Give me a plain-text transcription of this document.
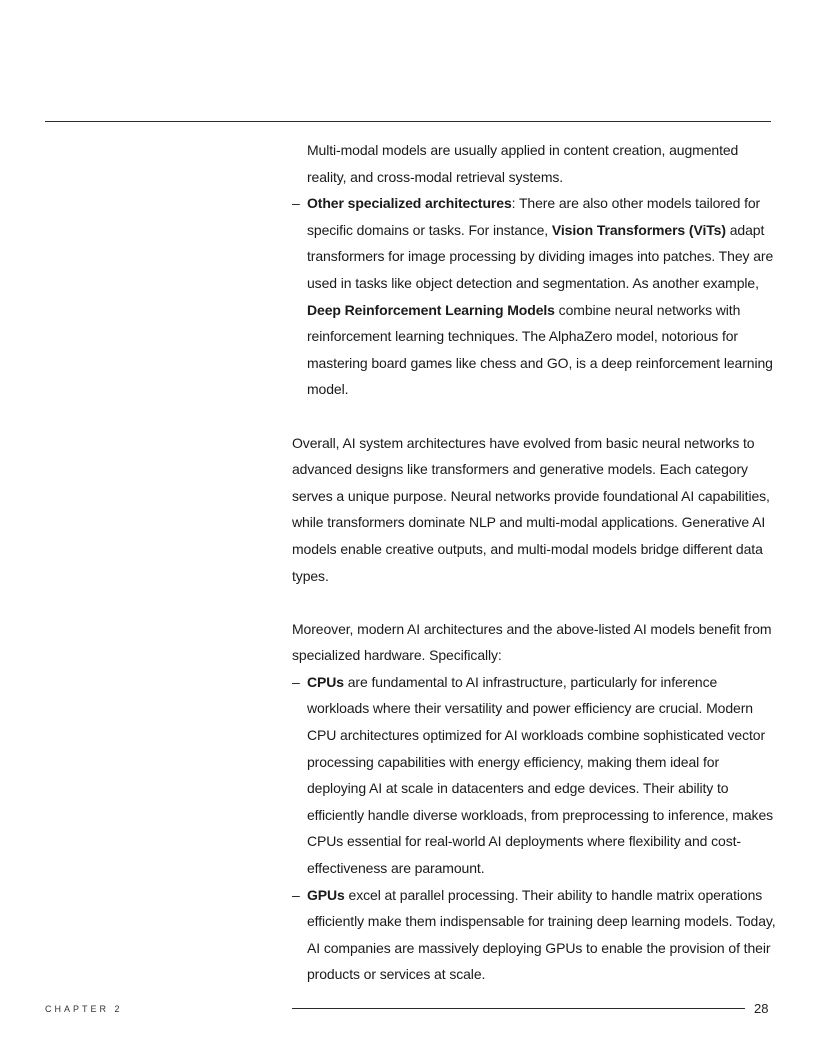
Multi-modal models are usually applied in content creation, augmented reality, and cross-modal retrieval systems.

– Other specialized architectures: There are also other models tailored for specific domains or tasks. For instance, Vision Transformers (ViTs) adapt transformers for image processing by dividing images into patches. They are used in tasks like object detection and segmentation. As another example, Deep Reinforcement Learning Models combine neural networks with reinforcement learning techniques. The AlphaZero model, notorious for mastering board games like chess and GO, is a deep reinforcement learning model.

Overall, AI system architectures have evolved from basic neural networks to advanced designs like transformers and generative models. Each category serves a unique purpose. Neural networks provide foundational AI capabilities, while transformers dominate NLP and multi-modal applications. Generative AI models enable creative outputs, and multi-modal models bridge different data types.

Moreover, modern AI architectures and the above-listed AI models benefit from specialized hardware. Specifically:

– CPUs are fundamental to AI infrastructure, particularly for inference workloads where their versatility and power efficiency are crucial. Modern CPU architectures optimized for AI workloads combine sophisticated vector processing capabilities with energy efficiency, making them ideal for deploying AI at scale in datacenters and edge devices. Their ability to efficiently handle diverse workloads, from preprocessing to inference, makes CPUs essential for real-world AI deployments where flexibility and cost-effectiveness are paramount.

– GPUs excel at parallel processing. Their ability to handle matrix operations efficiently make them indispensable for training deep learning models. Today, AI companies are massively deploying GPUs to enable the provision of their products or services at scale.

CHAPTER 2	28
